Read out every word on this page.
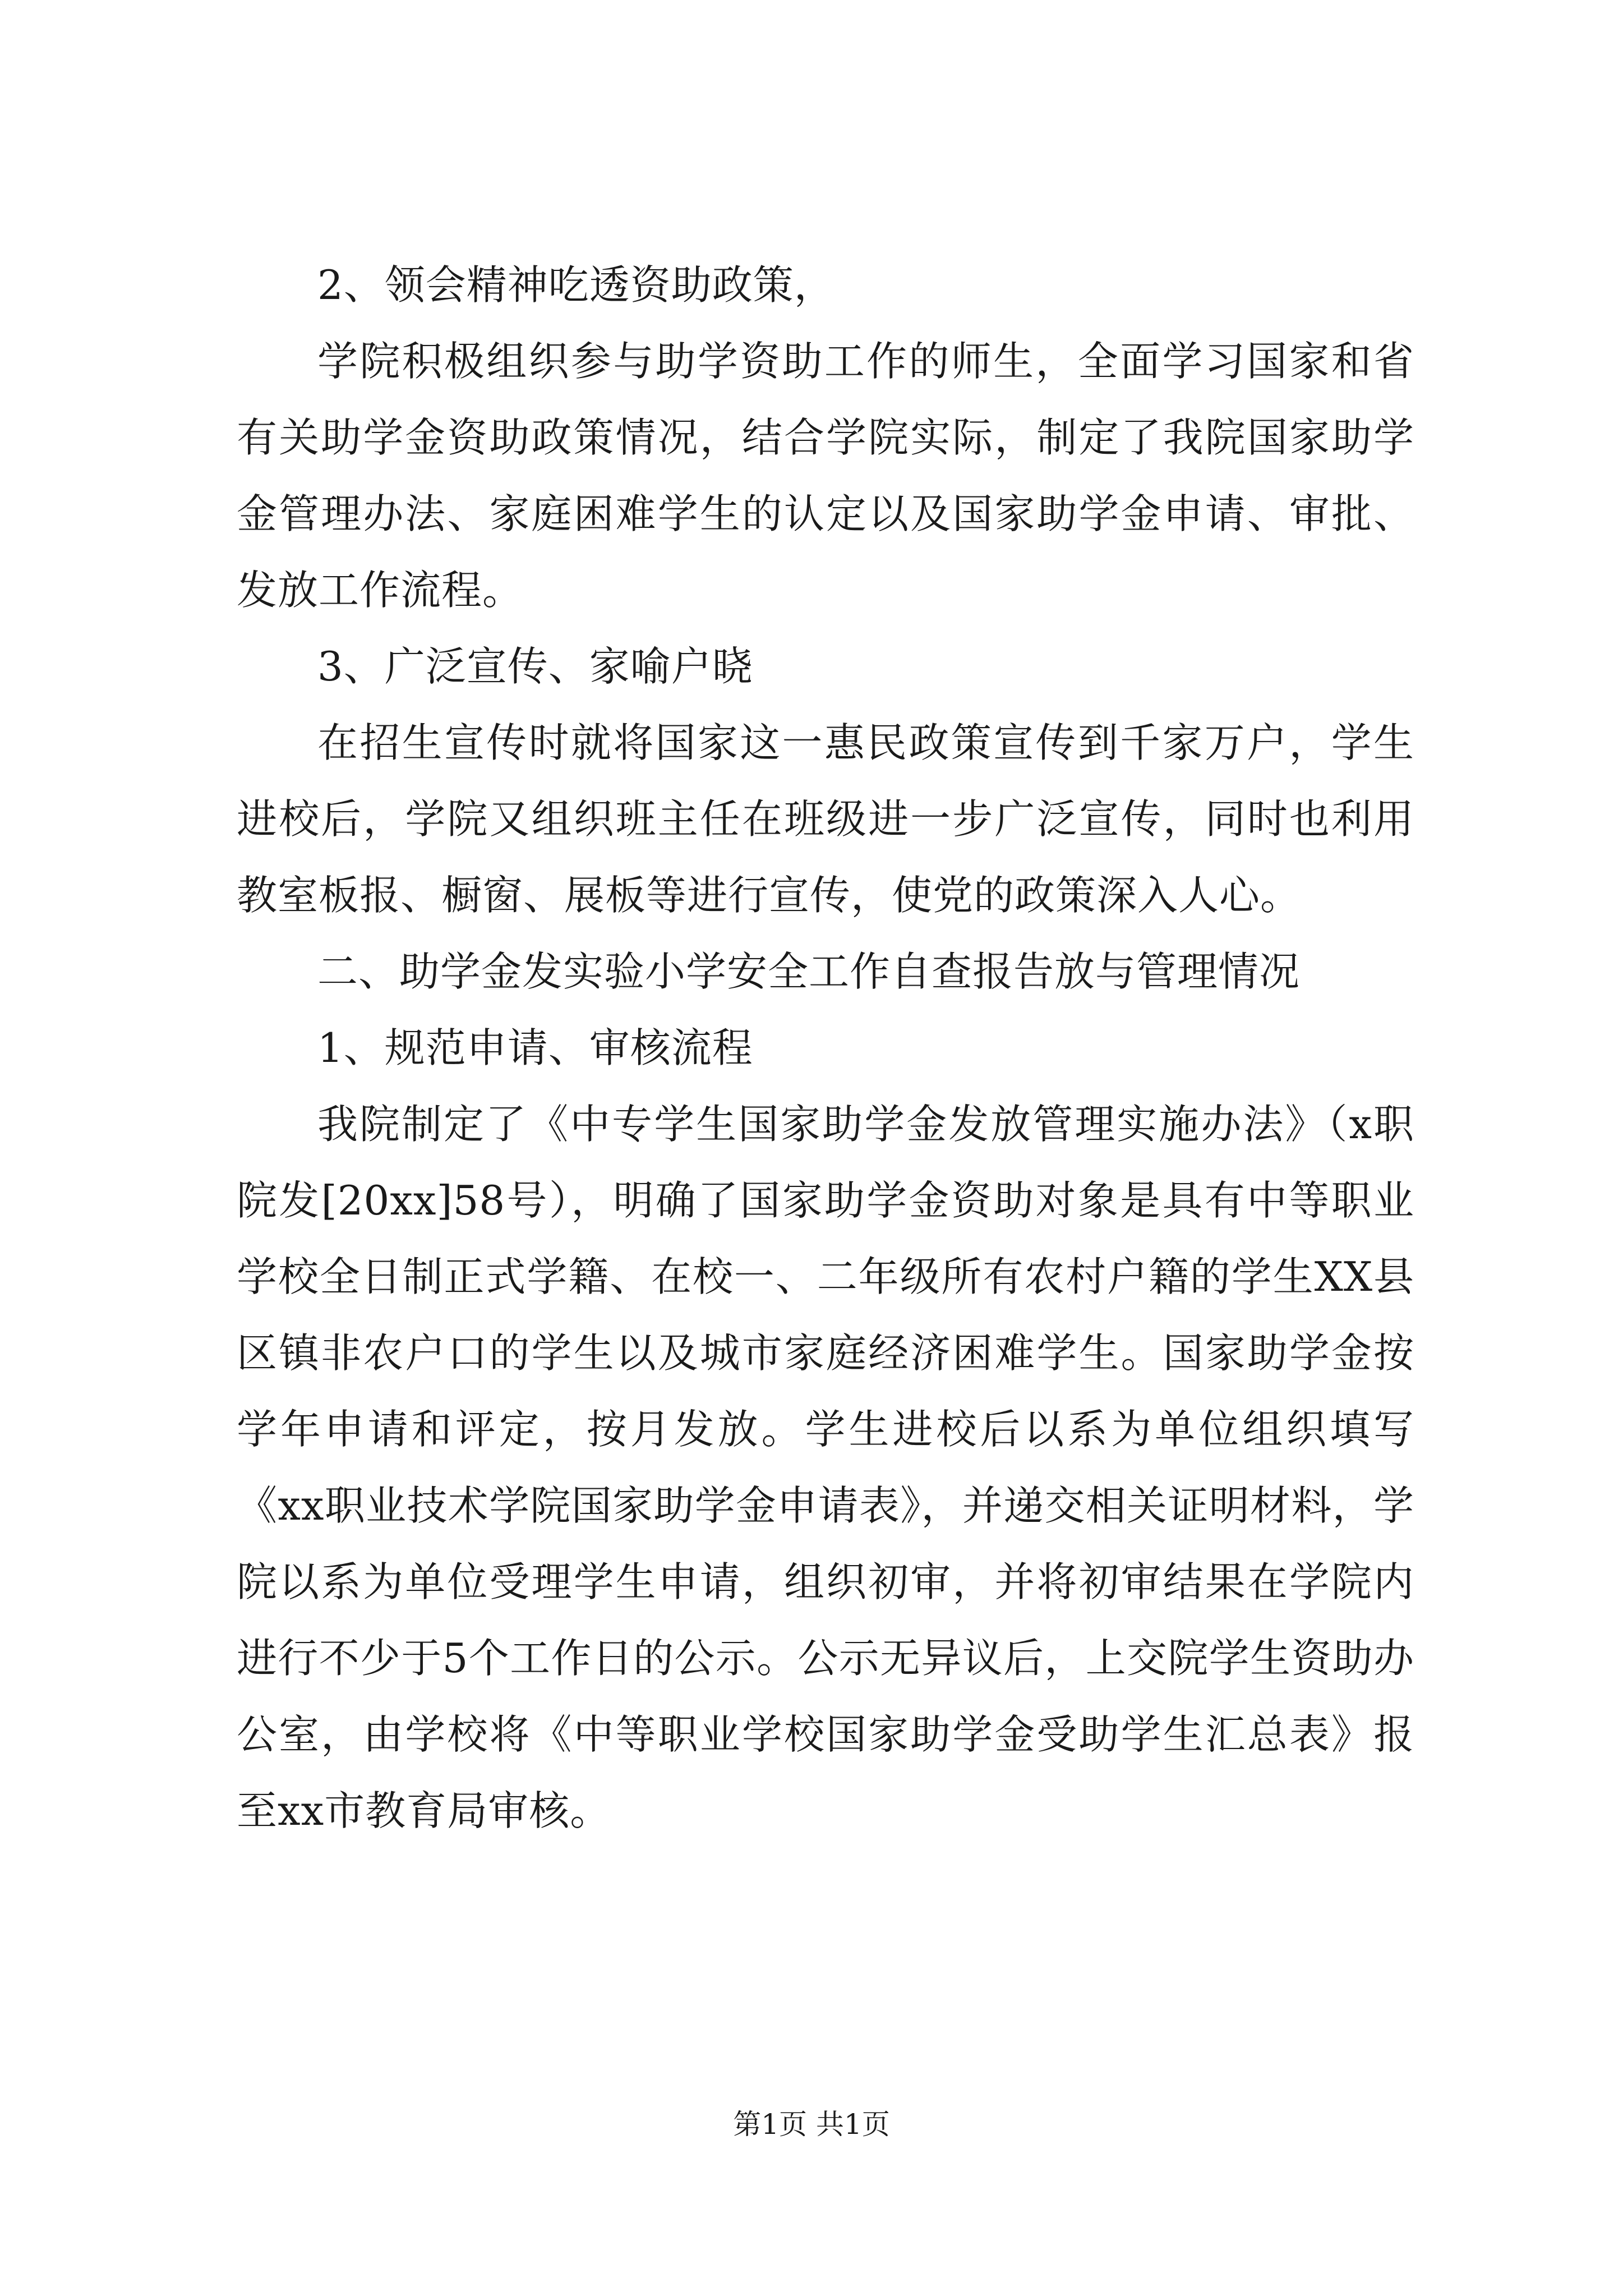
2、领会精神吃透资助政策，

学院积极组织参与助学资助工作的师生，全面学习国家和省有关助学金资助政策情况，结合学院实际，制定了我院国家助学金管理办法、家庭困难学生的认定以及国家助学金申请、审批、发放工作流程。

3、广泛宣传、家喻户晓

在招生宣传时就将国家这一惠民政策宣传到千家万户，学生进校后，学院又组织班主任在班级进一步广泛宣传，同时也利用教室板报、橱窗、展板等进行宣传，使党的政策深入人心。

二、助学金发实验小学安全工作自查报告放与管理情况

1、规范申请、审核流程

我院制定了《中专学生国家助学金发放管理实施办法》（x职院发[20xx]58号），明确了国家助学金资助对象是具有中等职业学校全日制正式学籍、在校一、二年级所有农村户籍的学生XX县区镇非农户口的学生以及城市家庭经济困难学生。国家助学金按学年申请和评定，按月发放。学生进校后以系为单位组织填写《xx职业技术学院国家助学金申请表》，并递交相关证明材料，学院以系为单位受理学生申请，组织初审，并将初审结果在学院内进行不少于5个工作日的公示。公示无异议后，上交院学生资助办公室，由学校将《中等职业学校国家助学金受助学生汇总表》报至xx市教育局审核。

第1页 共1页
